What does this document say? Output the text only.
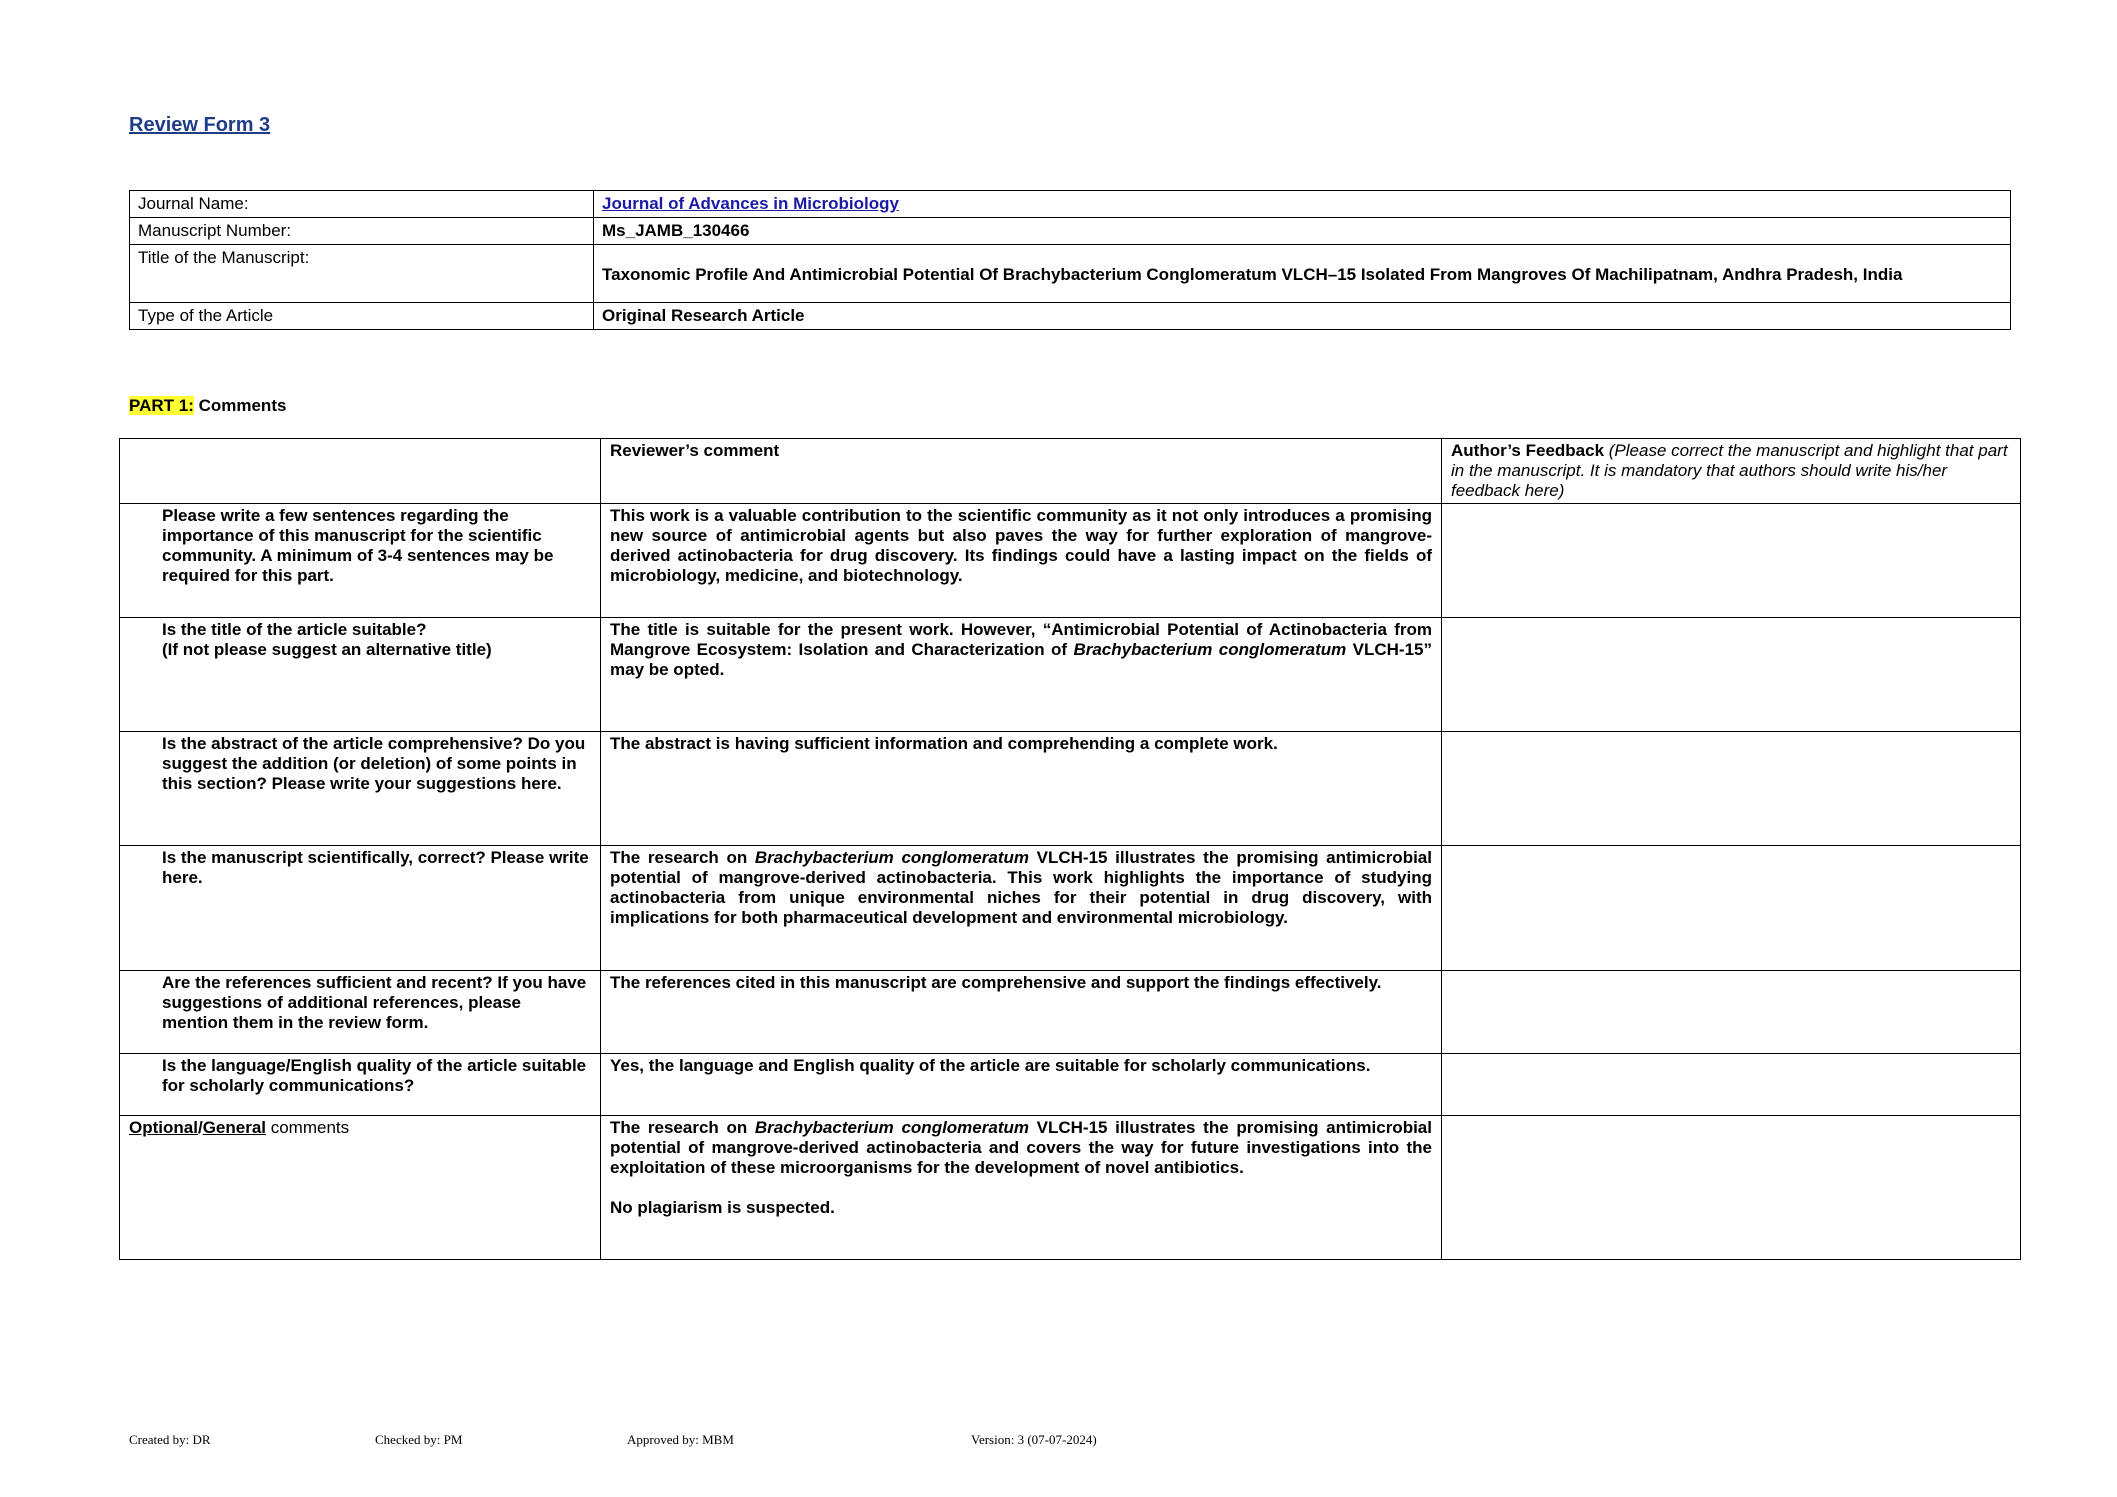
Review Form 3
Journal Name:	Journal of Advances in Microbiology
Manuscript Number:	Ms_JAMB_130466
Title of the Manuscript:	Taxonomic Profile And Antimicrobial Potential Of Brachybacterium Conglomeratum VLCH–15 Isolated From Mangroves Of Machilipatnam, Andhra Pradesh, India
Type of the Article	Original Research Article
PART 1: Comments
	Reviewer’s comment	Author’s Feedback (Please correct the manuscript and highlight that part in the manuscript. It is mandatory that authors should write his/her feedback here)
Please write a few sentences regarding the importance of this manuscript for the scientific community. A minimum of 3-4 sentences may be required for this part.	This work is a valuable contribution to the scientific community as it not only introduces a promising new source of antimicrobial agents but also paves the way for further exploration of mangrove-derived actinobacteria for drug discovery. Its findings could have a lasting impact on the fields of microbiology, medicine, and biotechnology.	

Is the title of the article suitable?
(If not please suggest an alternative title)	The title is suitable for the present work. However, “Antimicrobial Potential of Actinobacteria from Mangrove Ecosystem: Isolation and Characterization of Brachybacterium conglomeratum VLCH-15” may be opted.	
Is the abstract of the article comprehensive? Do you suggest the addition (or deletion) of some points in this section? Please write your suggestions here.	The abstract is having sufficient information and comprehending a complete work.	
Is the manuscript scientifically, correct? Please write here.	The research on Brachybacterium conglomeratum VLCH-15 illustrates the promising antimicrobial potential of mangrove-derived actinobacteria. This work highlights the importance of studying actinobacteria from unique environmental niches for their potential in drug discovery, with implications for both pharmaceutical development and environmental microbiology.	
Are the references sufficient and recent? If you have suggestions of additional references, please mention them in the review form.	The references cited in this manuscript are comprehensive and support the findings effectively.	
Is the language/English quality of the article suitable for scholarly communications?	Yes, the language and English quality of the article are suitable for scholarly communications.	
Optional/General comments	The research on Brachybacterium conglomeratum VLCH-15 illustrates the promising antimicrobial potential of mangrove-derived actinobacteria and covers the way for future investigations into the exploitation of these microorganisms for the development of novel antibiotics.

No plagiarism is suspected.	

Created by: DR	Checked by: PM	Approved by: MBM	Version: 3 (07-07-2024)
